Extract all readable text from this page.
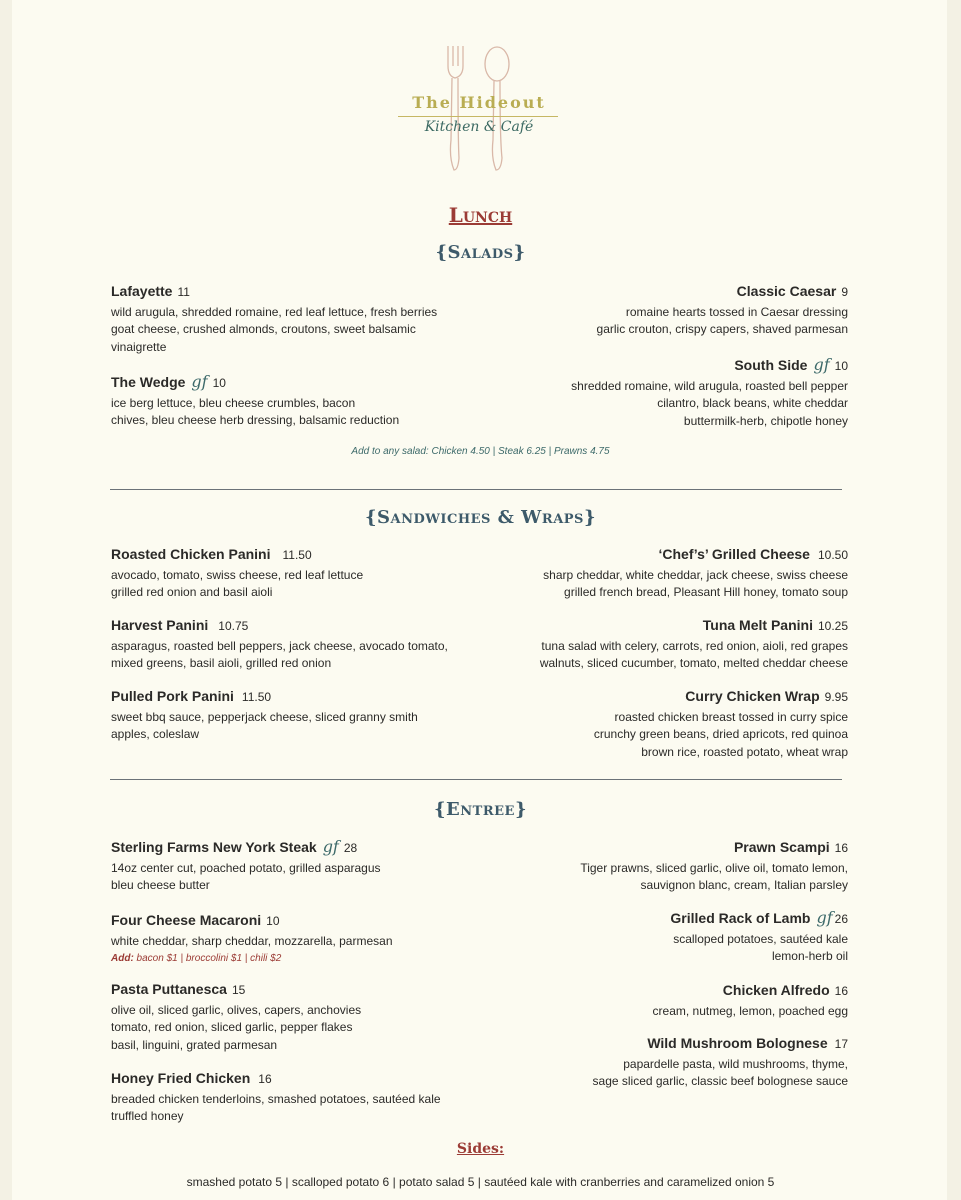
The Hideout
Kitchen & Café
Lunch
{Salads}
Lafayette 11
wild arugula, shredded romaine, red leaf lettuce, fresh berries
goat cheese, crushed almonds, croutons, sweet balsamic
vinaigrette
The Wedge gf 10
ice berg lettuce, bleu cheese crumbles, bacon
chives, bleu cheese herb dressing, balsamic reduction
Classic Caesar 9
romaine hearts tossed in Caesar dressing
garlic crouton, crispy capers, shaved parmesan
South Side gf 10
shredded romaine, wild arugula, roasted bell pepper
cilantro, black beans, white cheddar
buttermilk-herb, chipotle honey
Add to any salad: Chicken 4.50 | Steak 6.25 | Prawns 4.75
{Sandwiches & Wraps}
Roasted Chicken Panini 11.50
avocado, tomato, swiss cheese, red leaf lettuce
grilled red onion and basil aioli
Harvest Panini 10.75
asparagus, roasted bell peppers, jack cheese, avocado tomato,
mixed greens, basil aioli, grilled red onion
Pulled Pork Panini 11.50
sweet bbq sauce, pepperjack cheese, sliced granny smith
apples, coleslaw
‘Chef’s’ Grilled Cheese 10.50
sharp cheddar, white cheddar, jack cheese, swiss cheese
grilled french bread, Pleasant Hill honey, tomato soup
Tuna Melt Panini 10.25
tuna salad with celery, carrots, red onion, aioli, red grapes
walnuts, sliced cucumber, tomato, melted cheddar cheese
Curry Chicken Wrap 9.95
roasted chicken breast tossed in curry spice
crunchy green beans, dried apricots, red quinoa
brown rice, roasted potato, wheat wrap
{Entree}
Sterling Farms New York Steak gf 28
14oz center cut, poached potato, grilled asparagus
bleu cheese butter
Four Cheese Macaroni 10
white cheddar, sharp cheddar, mozzarella, parmesan
Add: bacon $1 | broccolini $1 | chili $2
Pasta Puttanesca 15
olive oil, sliced garlic, olives, capers, anchovies
tomato, red onion, sliced garlic, pepper flakes
basil, linguini, grated parmesan
Honey Fried Chicken 16
breaded chicken tenderloins, smashed potatoes, sautéed kale
truffled honey
Prawn Scampi 16
Tiger prawns, sliced garlic, olive oil, tomato lemon,
sauvignon blanc, cream, Italian parsley
Grilled Rack of Lamb gf 26
scalloped potatoes, sautéed kale
lemon-herb oil
Chicken Alfredo 16
cream, nutmeg, lemon, poached egg
Wild Mushroom Bolognese 17
papardelle pasta, wild mushrooms, thyme,
sage sliced garlic, classic beef bolognese sauce
Sides:
smashed potato 5 | scalloped potato 6 | potato salad 5 | sautéed kale with cranberries and caramelized onion 5
